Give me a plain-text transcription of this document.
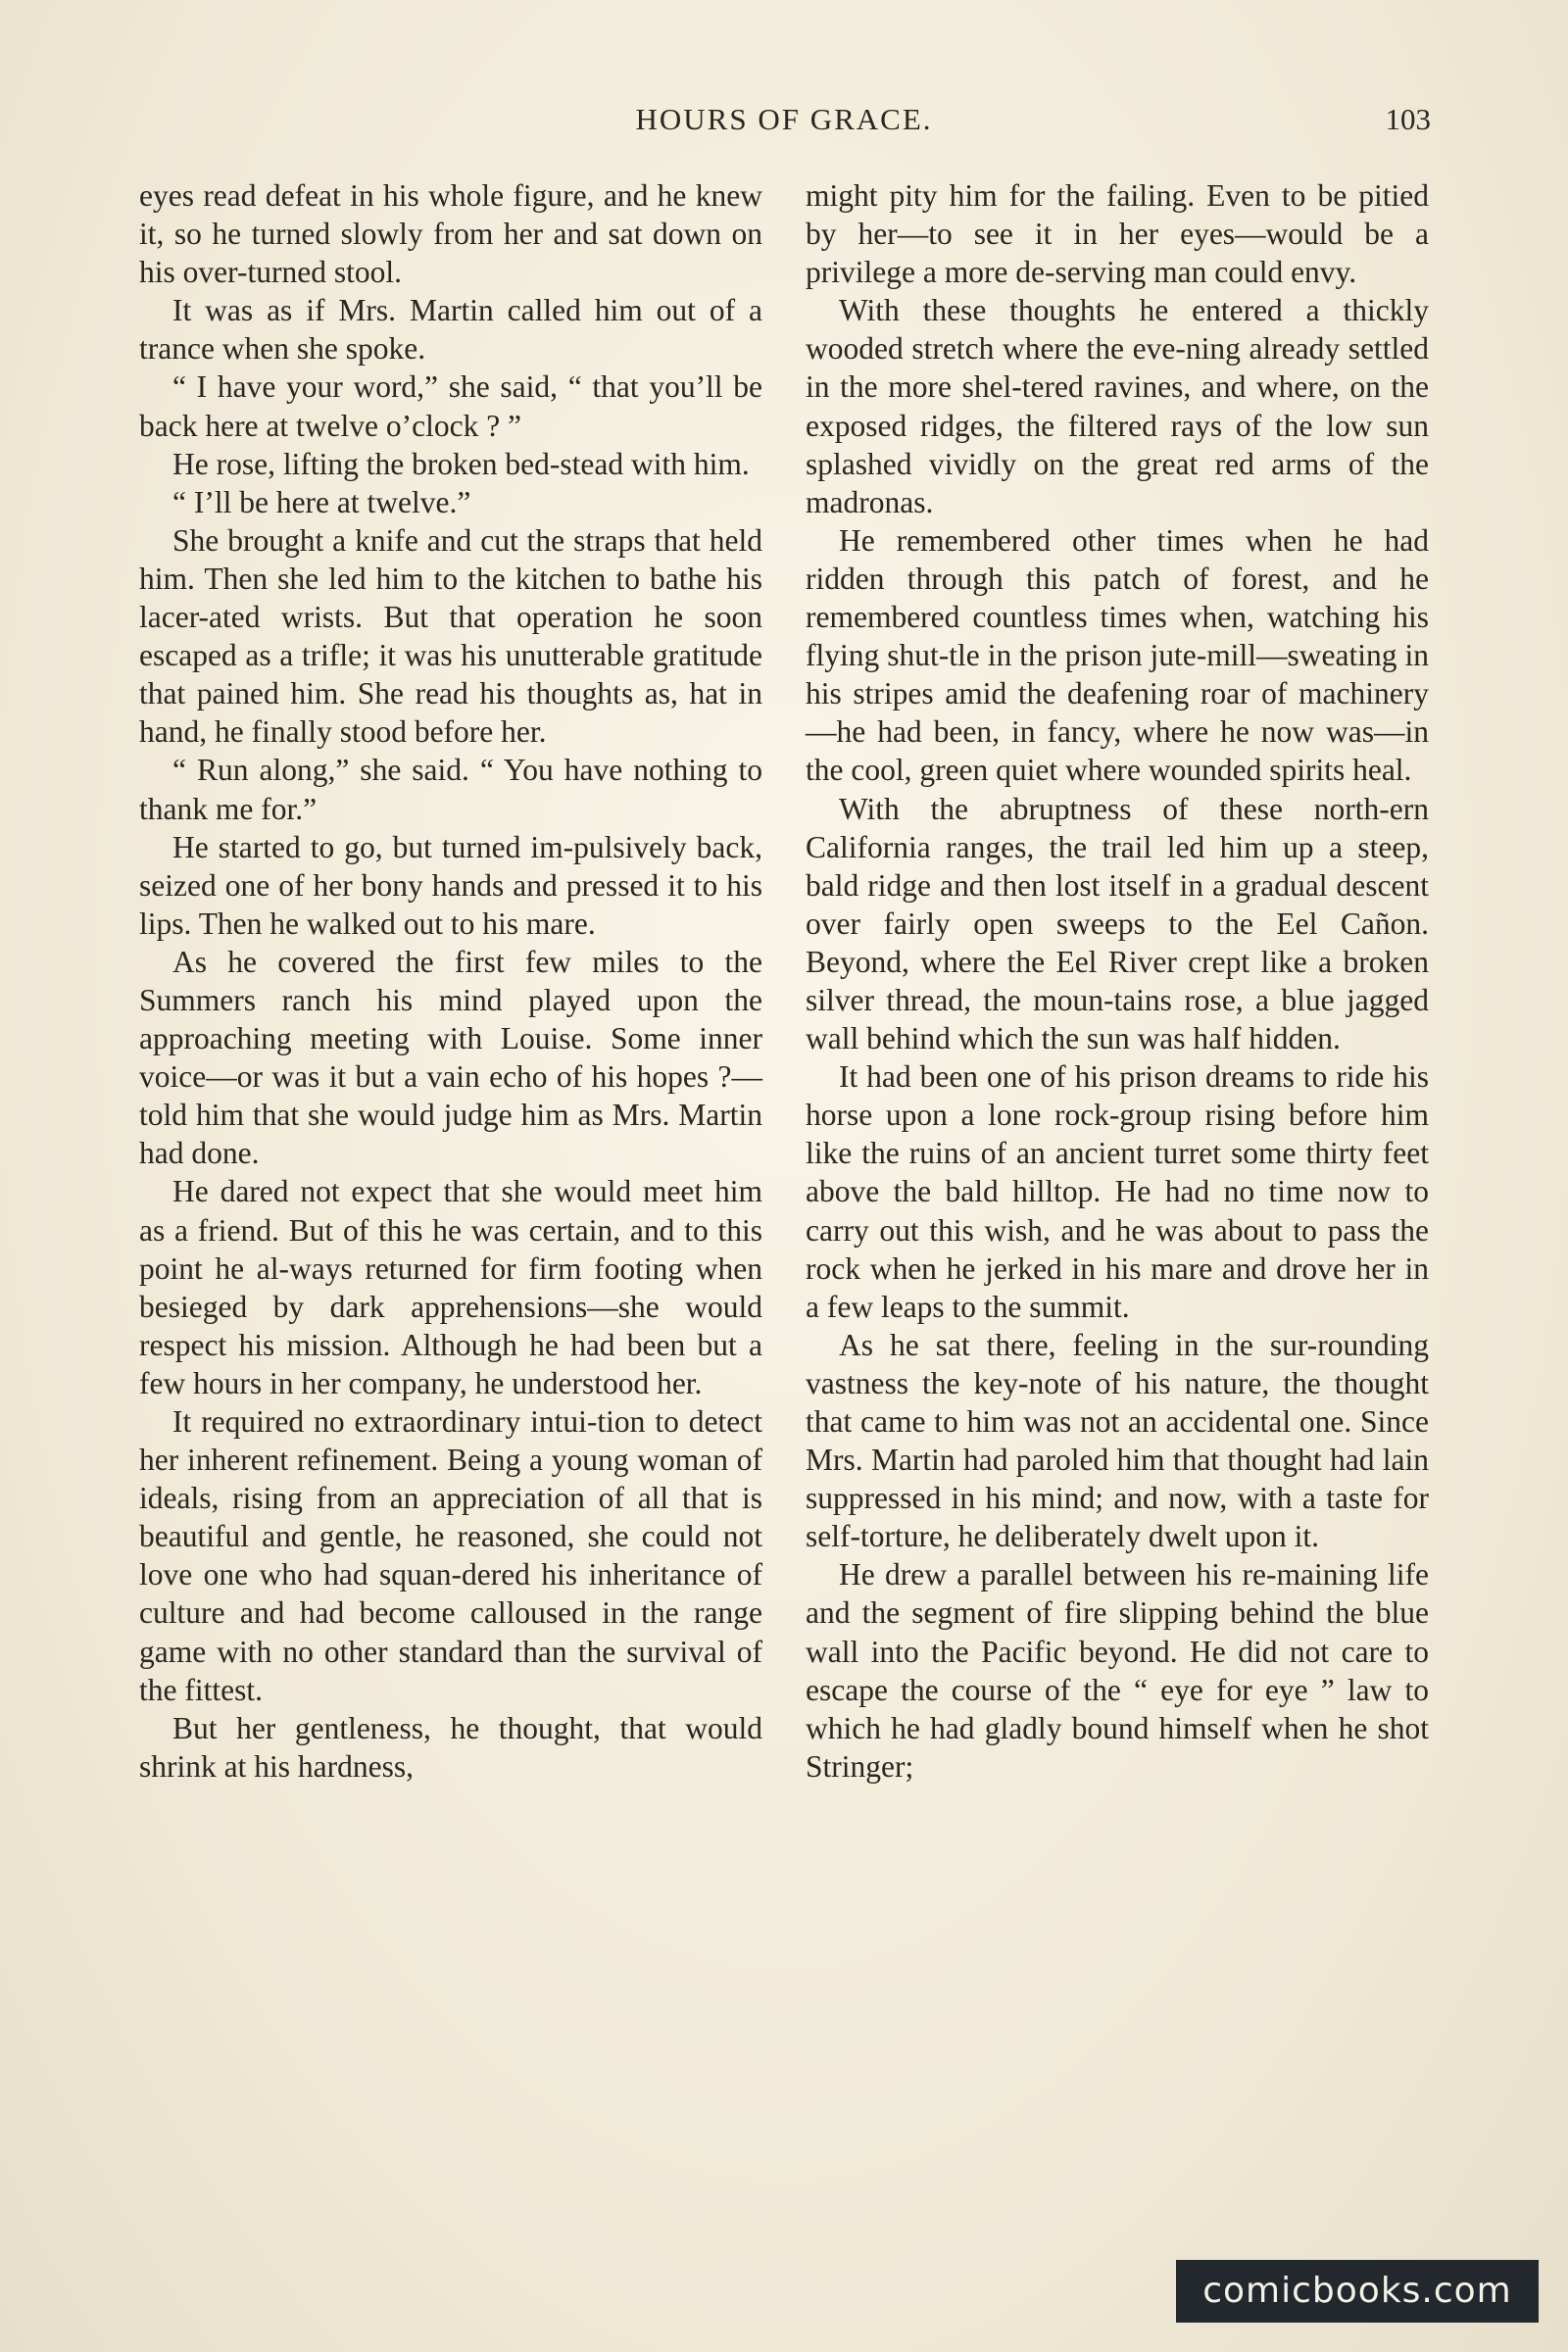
HOURS OF GRACE.	103

eyes read defeat in his whole figure, and he knew it, so he turned slowly from her and sat down on his over-turned stool.

It was as if Mrs. Martin called him out of a trance when she spoke.

“ I have your word,” she said, “ that you’ll be back here at twelve o’clock ? ”

He rose, lifting the broken bed-stead with him.

“ I’ll be here at twelve.”

She brought a knife and cut the straps that held him. Then she led him to the kitchen to bathe his lacer-ated wrists. But that operation he soon escaped as a trifle; it was his unutterable gratitude that pained him. She read his thoughts as, hat in hand, he finally stood before her.

“ Run along,” she said. “ You have nothing to thank me for.”

He started to go, but turned im-pulsively back, seized one of her bony hands and pressed it to his lips. Then he walked out to his mare.

As he covered the first few miles to the Summers ranch his mind played upon the approaching meeting with Louise. Some inner voice—or was it but a vain echo of his hopes ?—told him that she would judge him as Mrs. Martin had done.

He dared not expect that she would meet him as a friend. But of this he was certain, and to this point he al-ways returned for firm footing when besieged by dark apprehensions—she would respect his mission. Although he had been but a few hours in her company, he understood her.

It required no extraordinary intui-tion to detect her inherent refinement. Being a young woman of ideals, rising from an appreciation of all that is beautiful and gentle, he reasoned, she could not love one who had squan-dered his inheritance of culture and had become calloused in the range game with no other standard than the survival of the fittest.

But her gentleness, he thought, that would shrink at his hardness,

might pity him for the failing. Even to be pitied by her—to see it in her eyes—would be a privilege a more de-serving man could envy.

With these thoughts he entered a thickly wooded stretch where the eve-ning already settled in the more shel-tered ravines, and where, on the exposed ridges, the filtered rays of the low sun splashed vividly on the great red arms of the madronas.

He remembered other times when he had ridden through this patch of forest, and he remembered countless times when, watching his flying shut-tle in the prison jute-mill—sweating in his stripes amid the deafening roar of machinery—he had been, in fancy, where he now was—in the cool, green quiet where wounded spirits heal.

With the abruptness of these north-ern California ranges, the trail led him up a steep, bald ridge and then lost itself in a gradual descent over fairly open sweeps to the Eel Cañon. Beyond, where the Eel River crept like a broken silver thread, the moun-tains rose, a blue jagged wall behind which the sun was half hidden.

It had been one of his prison dreams to ride his horse upon a lone rock-group rising before him like the ruins of an ancient turret some thirty feet above the bald hilltop. He had no time now to carry out this wish, and he was about to pass the rock when he jerked in his mare and drove her in a few leaps to the summit.

As he sat there, feeling in the sur-rounding vastness the key-note of his nature, the thought that came to him was not an accidental one. Since Mrs. Martin had paroled him that thought had lain suppressed in his mind; and now, with a taste for self-torture, he deliberately dwelt upon it.

He drew a parallel between his re-maining life and the segment of fire slipping behind the blue wall into the Pacific beyond. He did not care to escape the course of the “ eye for eye ” law to which he had gladly bound himself when he shot Stringer;

comicbooks.com
